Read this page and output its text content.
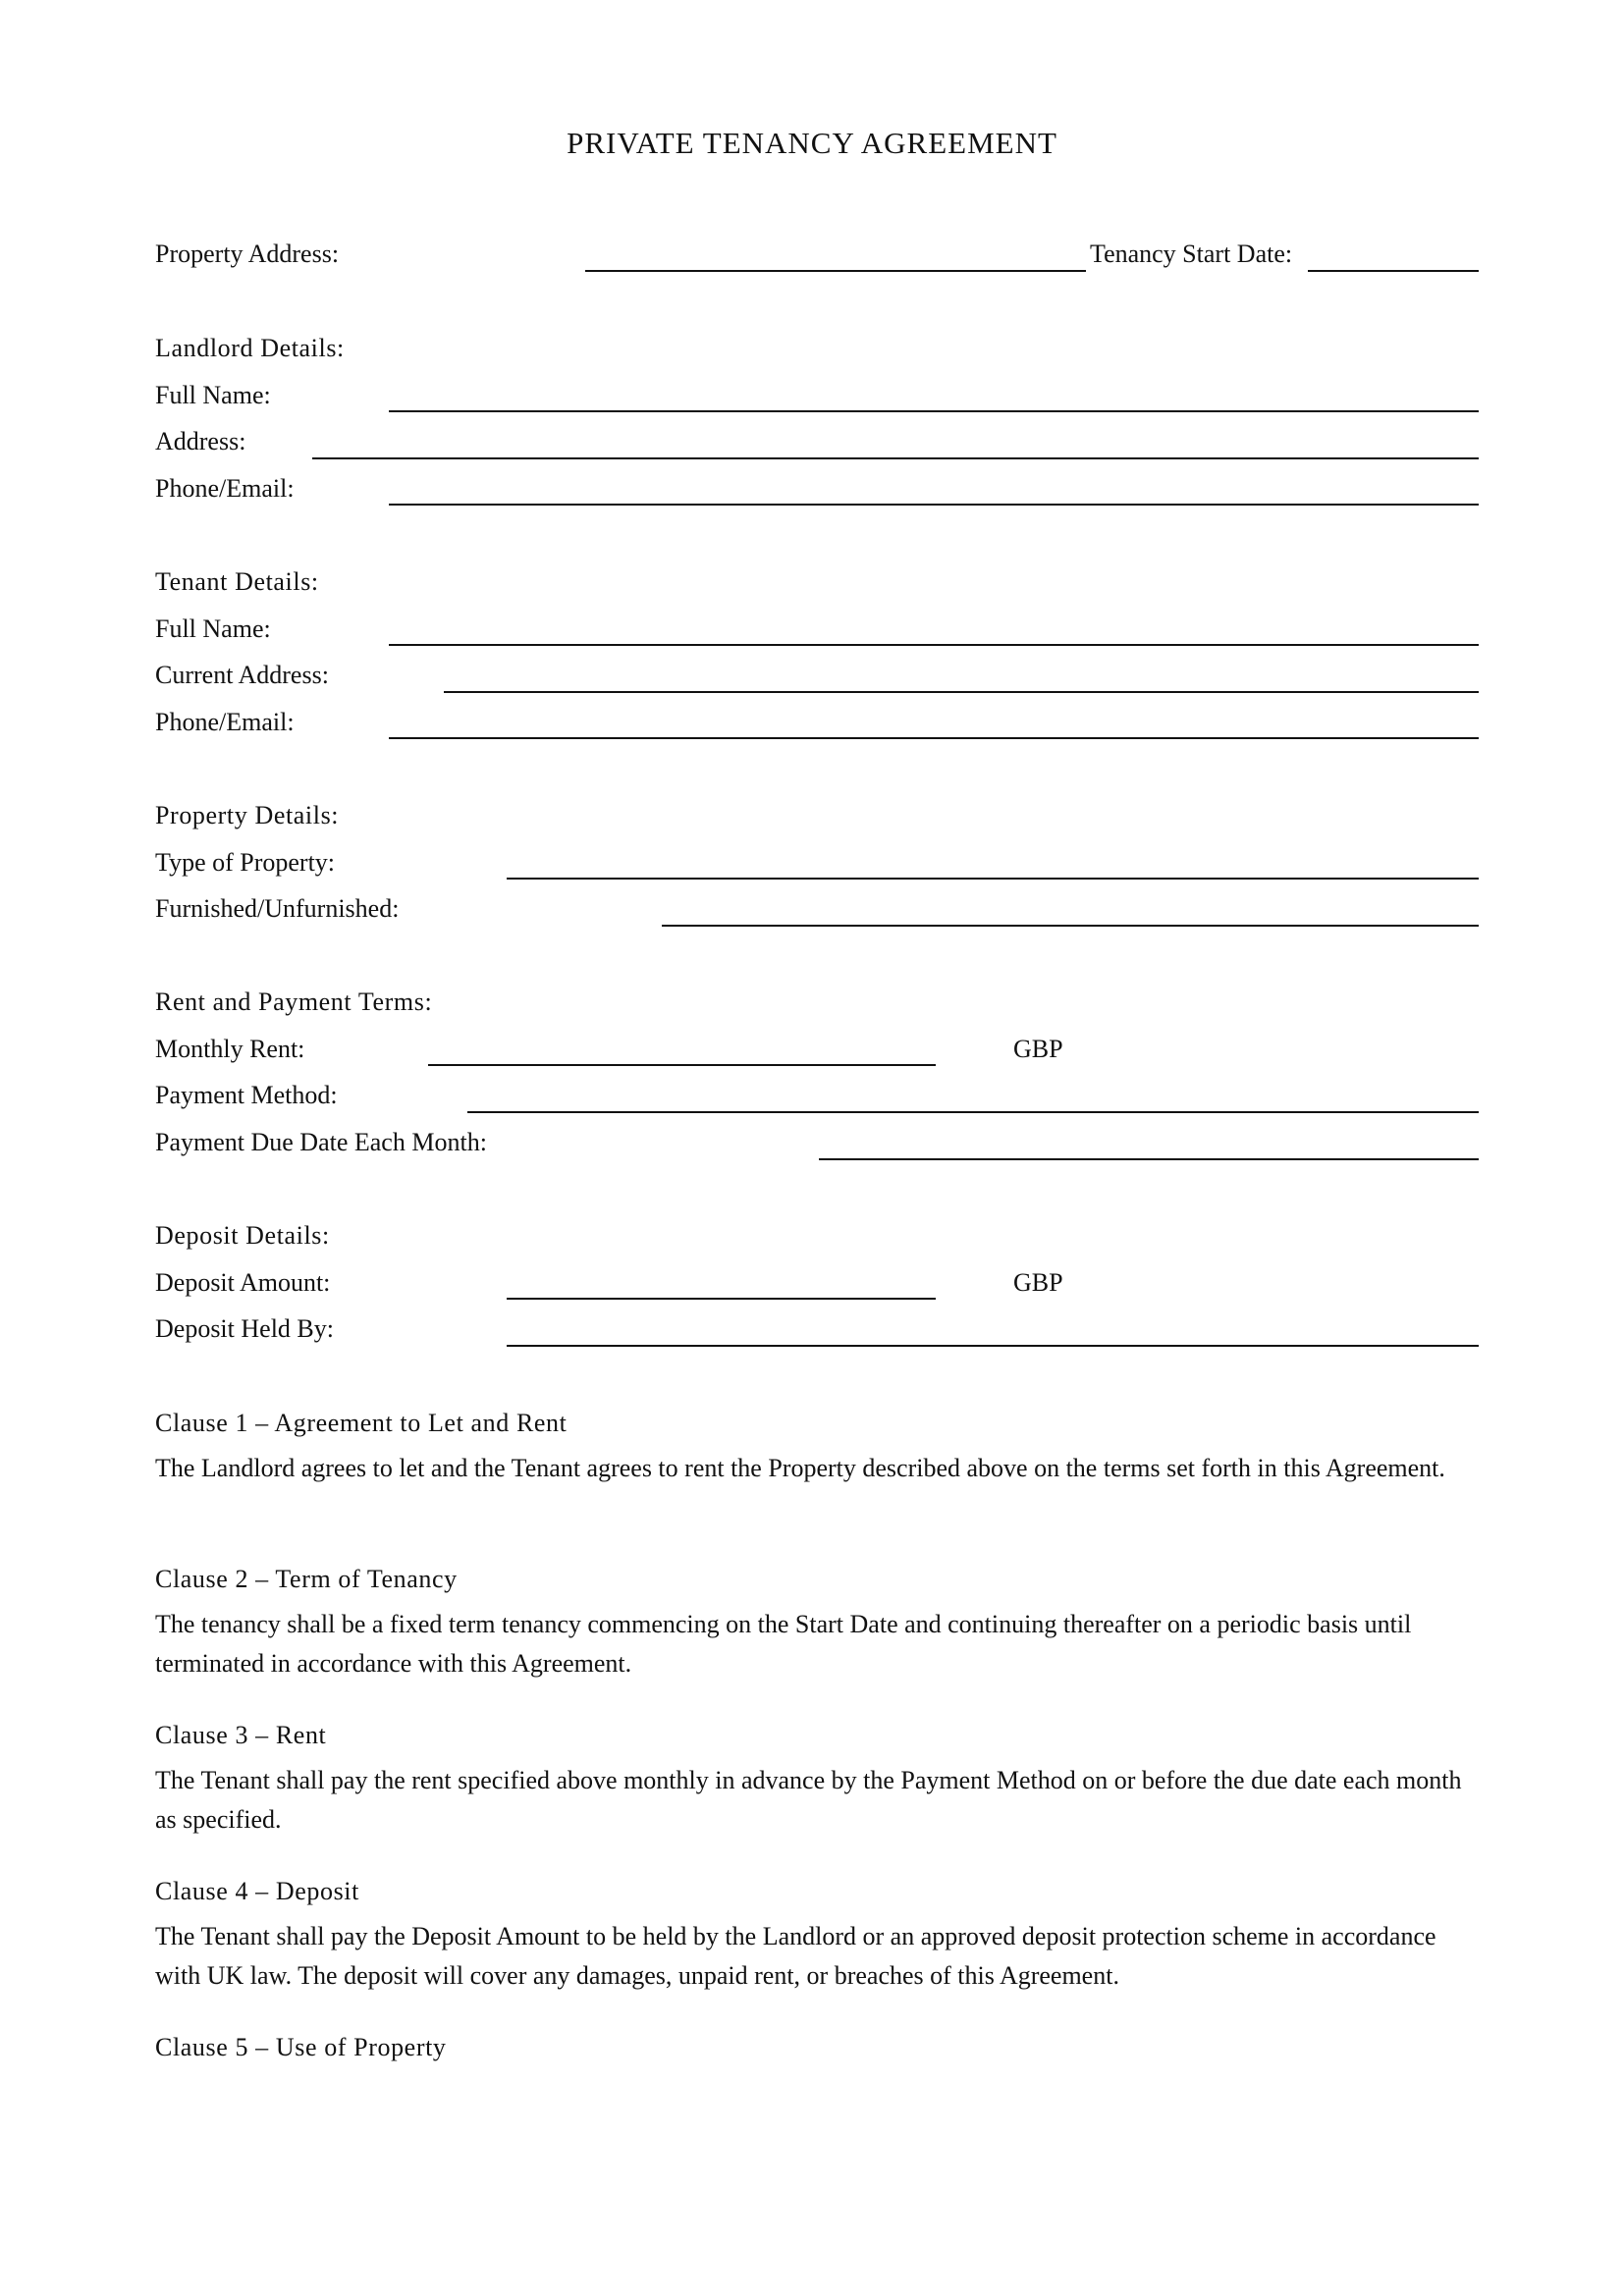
PRIVATE TENANCY AGREEMENT
Property Address:	Tenancy Start Date:
Landlord Details:
Full Name:
Address:
Phone/Email:
Tenant Details:
Full Name:
Current Address:
Phone/Email:
Property Details:
Type of Property:
Furnished/Unfurnished:
Rent and Payment Terms:
Monthly Rent:	GBP
Payment Method:
Payment Due Date Each Month:
Deposit Details:
Deposit Amount:	GBP
Deposit Held By:
Clause 1 – Agreement to Let and Rent
The Landlord agrees to let and the Tenant agrees to rent the Property described above on the terms set forth in this Agreement.
Clause 2 – Term of Tenancy
The tenancy shall be a fixed term tenancy commencing on the Start Date and continuing thereafter on a periodic basis until terminated in accordance with this Agreement.
Clause 3 – Rent
The Tenant shall pay the rent specified above monthly in advance by the Payment Method on or before the due date each month as specified.
Clause 4 – Deposit
The Tenant shall pay the Deposit Amount to be held by the Landlord or an approved deposit protection scheme in accordance with UK law. The deposit will cover any damages, unpaid rent, or breaches of this Agreement.
Clause 5 – Use of Property
